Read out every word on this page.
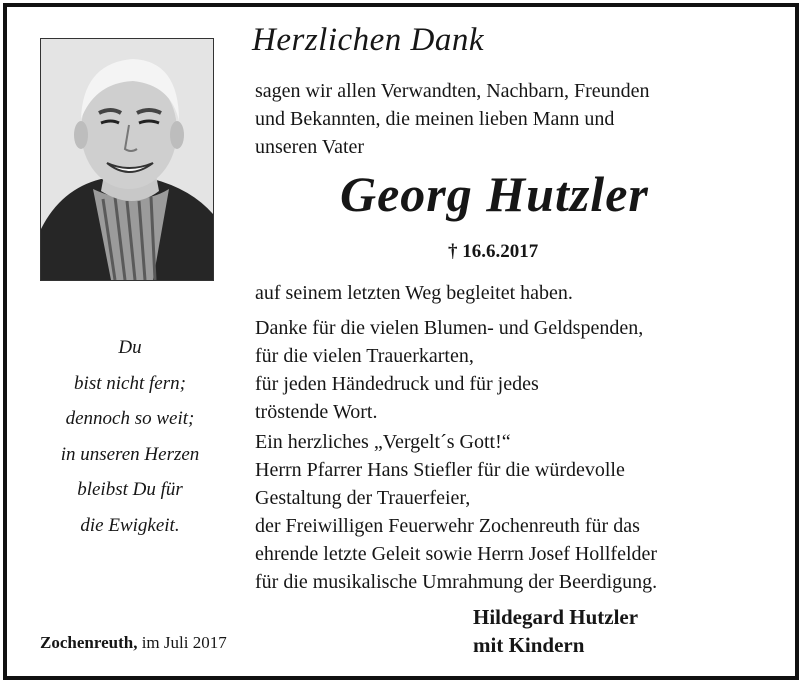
Du
bist nicht fern;
dennoch so weit;
in unseren Herzen
bleibst Du für
die Ewigkeit.
Herzlichen Dank
sagen wir allen Verwandten, Nachbarn, Freunden
und Bekannten, die meinen lieben Mann und
unseren Vater
Georg Hutzler
† 16.6.2017
auf seinem letzten Weg begleitet haben.
Danke für die vielen Blumen- und Geldspenden,
für die vielen Trauerkarten,
für jeden Händedruck und für jedes
tröstende Wort.
Ein herzliches „Vergelt´s Gott!“
Herrn Pfarrer Hans Stiefler für die würdevolle
Gestaltung der Trauerfeier,
der Freiwilligen Feuerwehr Zochenreuth für das
ehrende letzte Geleit sowie Herrn Josef Hollfelder
für die musikalische Umrahmung der Beerdigung.
Zochenreuth, im Juli 2017
Hildegard Hutzler
mit Kindern
